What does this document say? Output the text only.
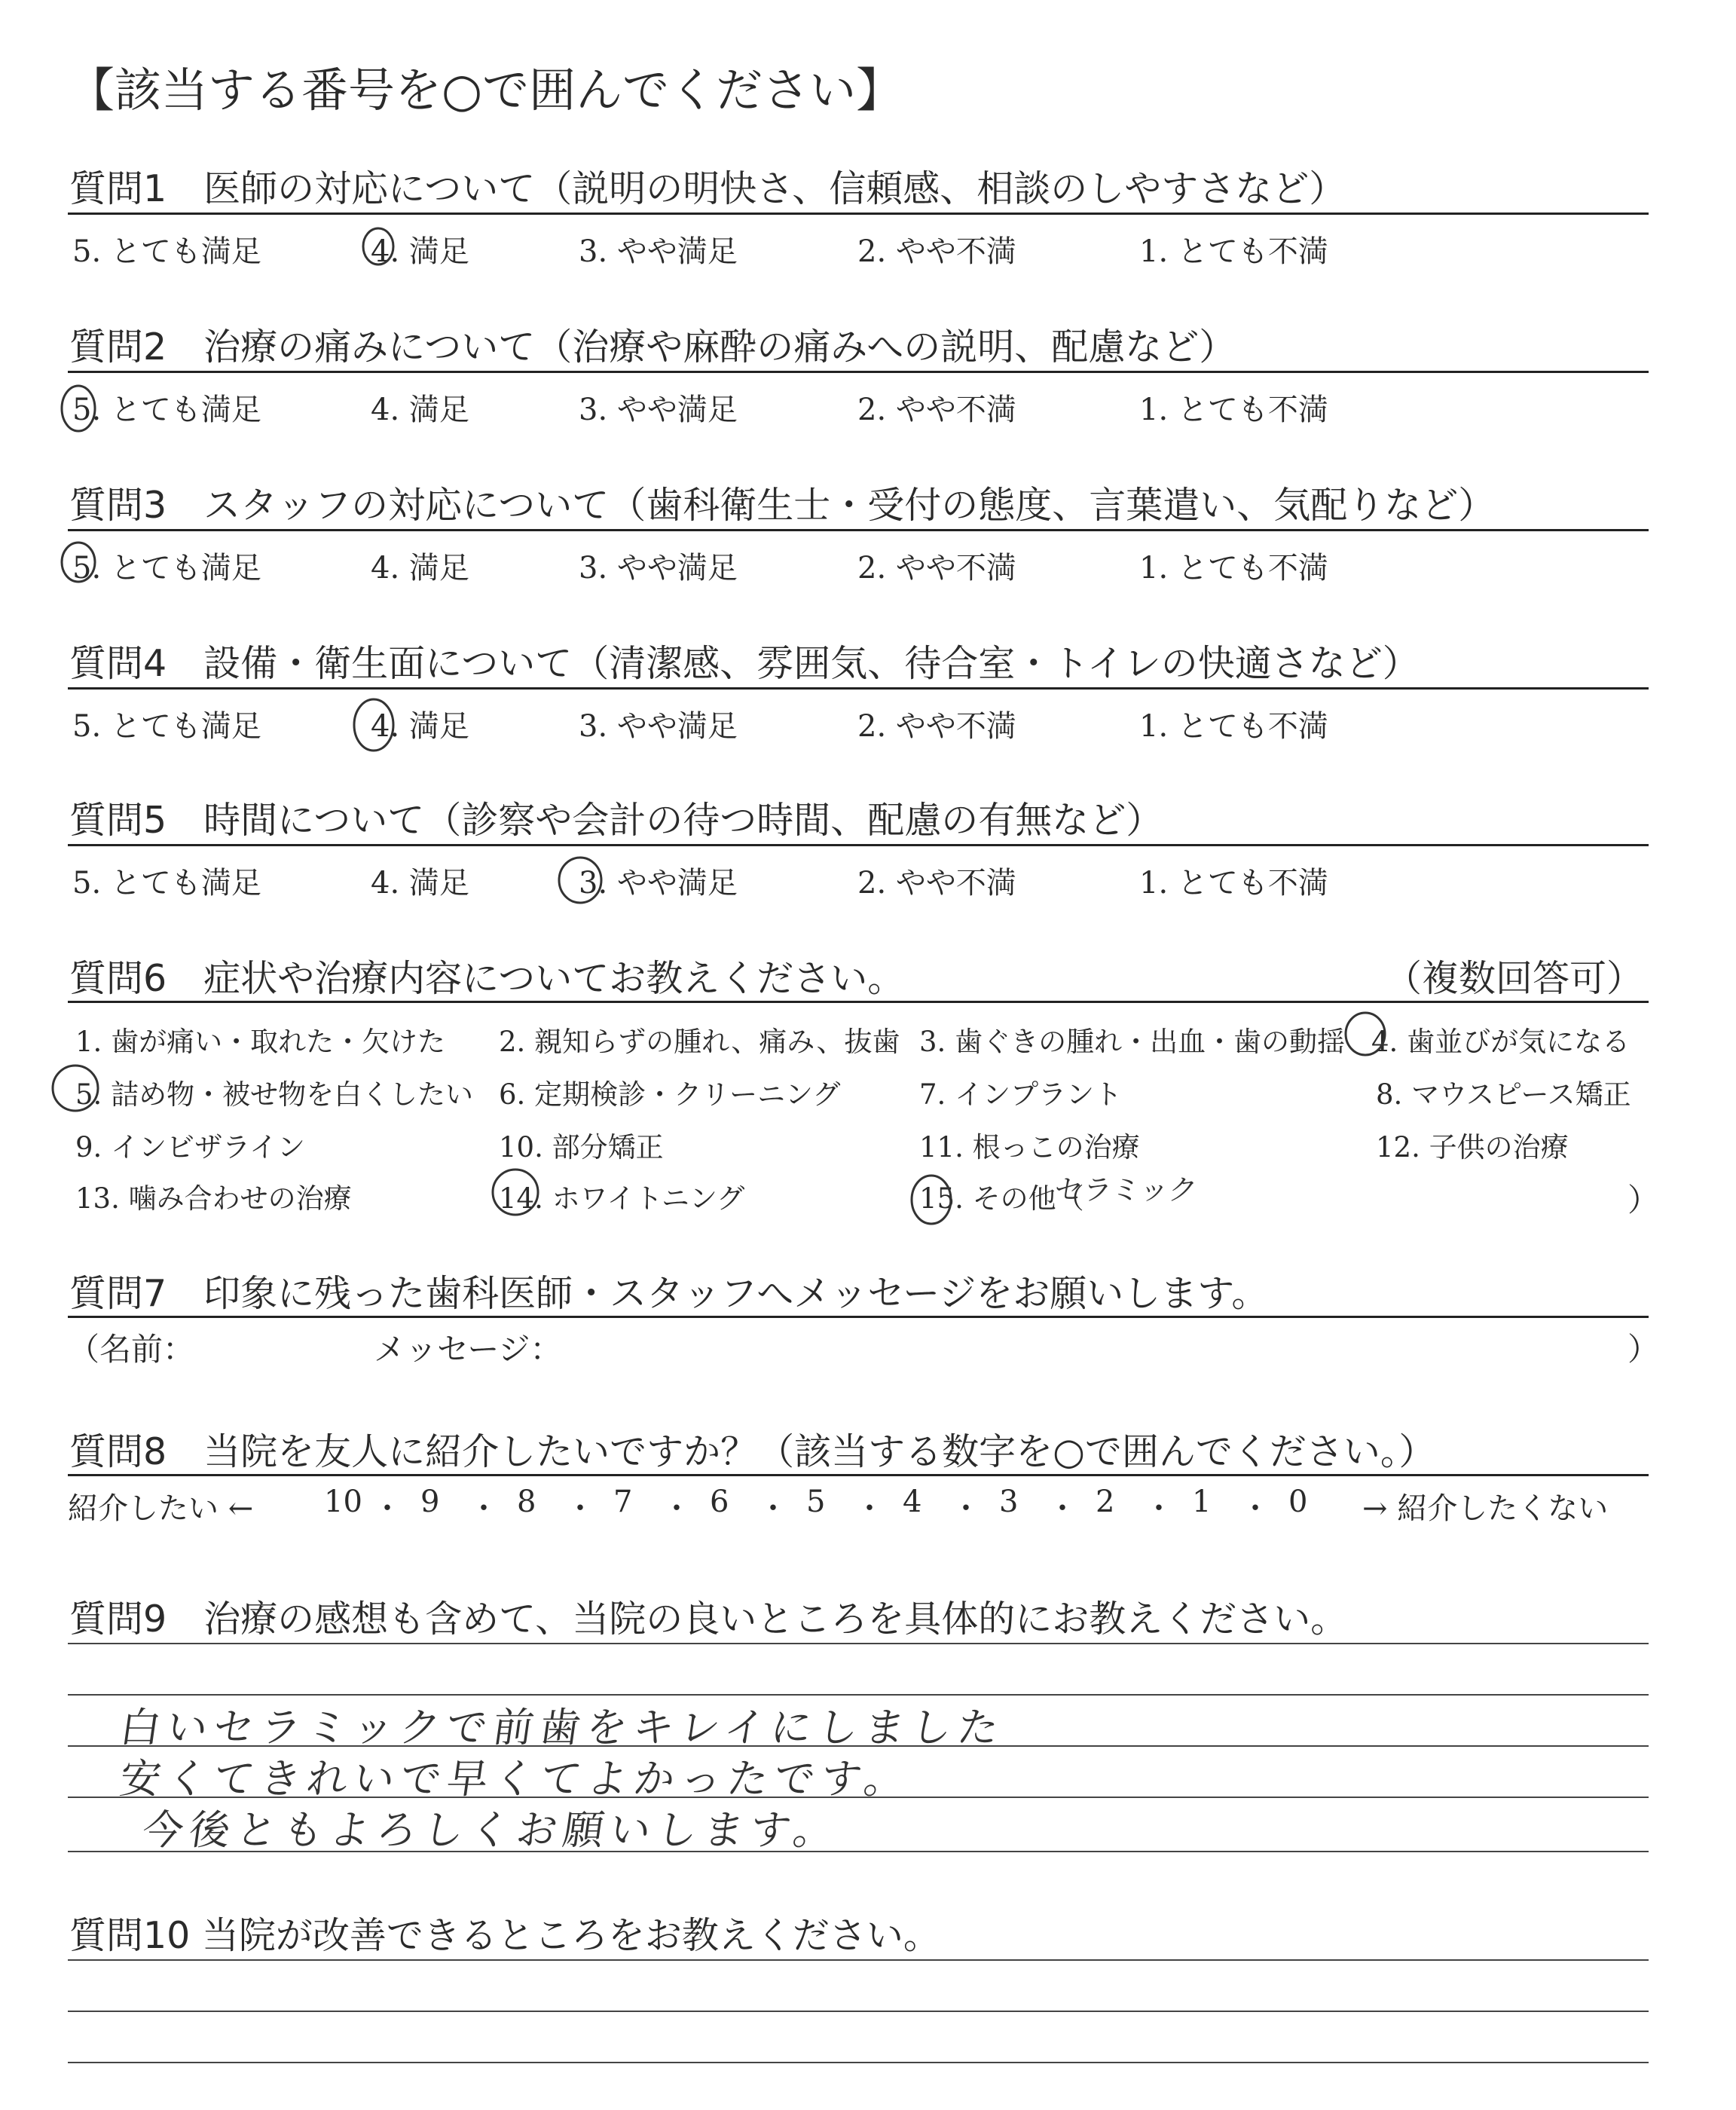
【該当する番号を○で囲んでください】
質問1　医師の対応について（説明の明快さ、信頼感、相談のしやすさなど）
5. とても満足	4. 満足	3. やや満足	2. やや不満	1. とても不満
質問2　治療の痛みについて（治療や麻酔の痛みへの説明、配慮など）
5. とても満足	4. 満足	3. やや満足	2. やや不満	1. とても不満
質問3　スタッフの対応について（歯科衛生士・受付の態度、言葉遣い、気配りなど）
5. とても満足	4. 満足	3. やや満足	2. やや不満	1. とても不満
質問4　設備・衛生面について（清潔感、雰囲気、待合室・トイレの快適さなど）
5. とても満足	4. 満足	3. やや満足	2. やや不満	1. とても不満
質問5　時間について（診察や会計の待つ時間、配慮の有無など）
5. とても満足	4. 満足	3. やや満足	2. やや不満	1. とても不満
質問6　症状や治療内容についてお教えください。	（複数回答可）
1. 歯が痛い・取れた・欠けた 2. 親知らずの腫れ、痛み、抜歯 3. 歯ぐきの腫れ・出血・歯の動揺 4. 歯並びが気になる
5. 詰め物・被せ物を白くしたい 6. 定期検診・クリーニング	7. インプラント	8. マウスピース矯正
9. インビザライン	10. 部分矯正	11. 根っこの治療	12. 子供の治療
13. 噛み合わせの治療	14. ホワイトニング	15. その他（
セラミック	）
質問7　印象に残った歯科医師・スタッフへメッセージをお願いします。
（名前：	メッセージ：	）
質問8　当院を友人に紹介したいですか？（該当する数字を○で囲んでください。）
紹介したい ← 10 ・ 9 ・ 8 ・ 7 ・ 6 ・ 5 ・ 4 ・ 3 ・ 2 ・ 1 ・ 0 → 紹介したくない
質問9　治療の感想も含めて、当院の良いところを具体的にお教えください。
白いセラミックで前歯をキレイにしました
安くてきれいで早くてよかったです。
今後ともよろしくお願いします。
質問10 当院が改善できるところをお教えください。
